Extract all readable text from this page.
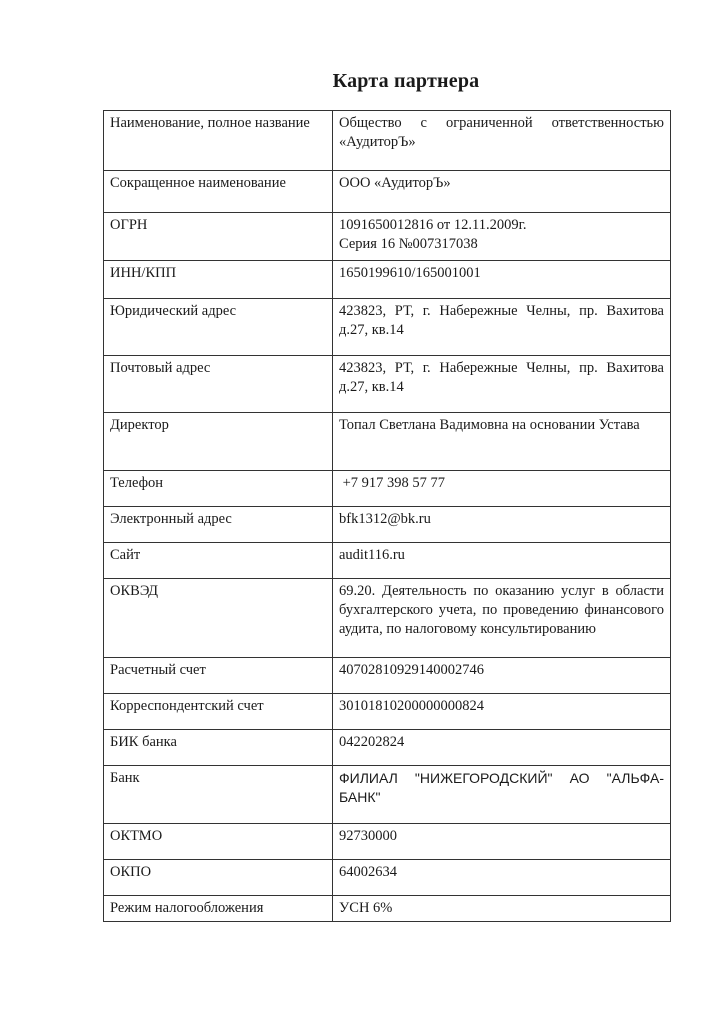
Карта партнера
Наименование, полное название	Общество с ограниченной ответственностью «АудиторЪ»

Сокращенное наименование	ООО «АудиторЪ»

ОГРН	1091650012816 от 12.11.2009г.
Серия 16 №007317038

ИНН/КПП	1650199610/165001001

Юридический адрес	423823, РТ, г. Набережные Челны, пр. Вахитова д.27, кв.14

Почтовый адрес	423823, РТ, г. Набережные Челны, пр. Вахитова д.27, кв.14

Директор	Топал Светлана Вадимовна на основании Устава

Телефон	+7 917 398 57 77

Электронный адрес	bfk1312@bk.ru

Сайт	audit116.ru

ОКВЭД	69.20. Деятельность по оказанию услуг в области бухгалтерского учета, по проведению финансового аудита, по налоговому консультированию

Расчетный счет	40702810929140002746

Корреспондентский счет	30101810200000000824

БИК банка	042202824

Банк	ФИЛИАЛ "НИЖЕГОРОДСКИЙ" АО "АЛЬФА-БАНК"

ОКТМО	92730000

ОКПО	64002634

Режим налогообложения	УСН 6%
